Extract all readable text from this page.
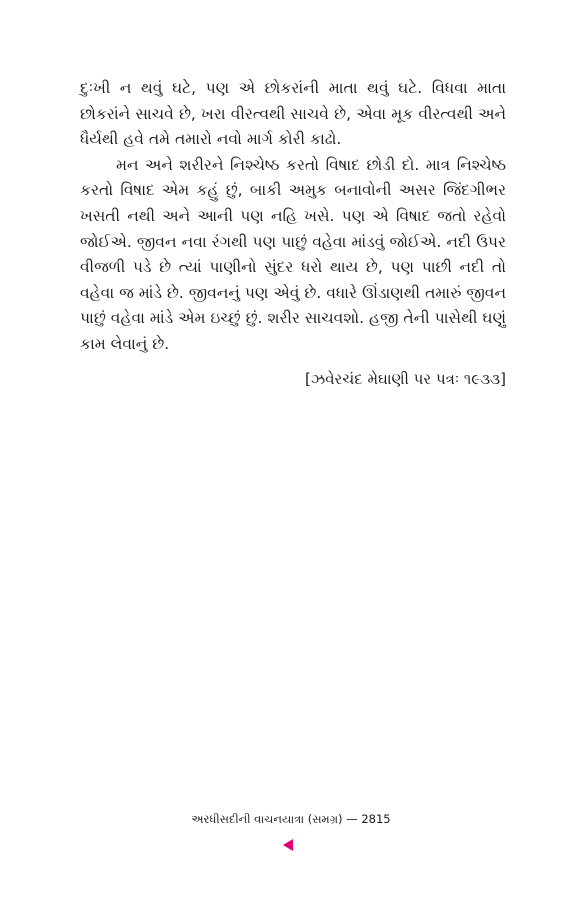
દુઃખી ન થવું ઘટે, પણ એ છોકરાંની માતા થવું ઘટે. વિધવા માતા છોકરાંને સાચવે છે, ખરા વીરત્વથી સાચવે છે, એવા મૂક વીરત્વથી અને ધૈર્યથી હવે તમે તમારો નવો માર્ગ કોરી કાઢો.

મન અને શરીરને નિશ્ચેષ્ઠ કરતો વિષાદ છોડી દો. માત્ર નિશ્ચેષ્ઠ કરતો વિષાદ એમ કહું છું, બાકી અમુક બનાવોની અસર જિંદગીભર ખસતી નથી અને આની પણ નહિ ખસે. પણ એ વિષાદ જતો રહેવો જોઈએ. જીવન નવા રંગથી પણ પાછું વહેવા માંડવું જોઈએ. નદી ઉપર વીજળી પડે છે ત્યાં પાણીનો સુંદર ધરો થાય છે, પણ પાછી નદી તો વહેવા જ માંડે છે. જીવનનું પણ એવું છે. વધારે ઊંડાણથી તમારું જીવન પાછું વહેવા માંડે એમ ઇચ્છું છું. શરીર સાચવશો. હજી તેની પાસેથી ઘણું કામ લેવાનું છે.

[ઝવેરચંદ મેઘાણી પર પત્રઃ ૧૯૩૩]
અરધીસદીની વાચનયાત્રા (સમગ્ર) — 2815
